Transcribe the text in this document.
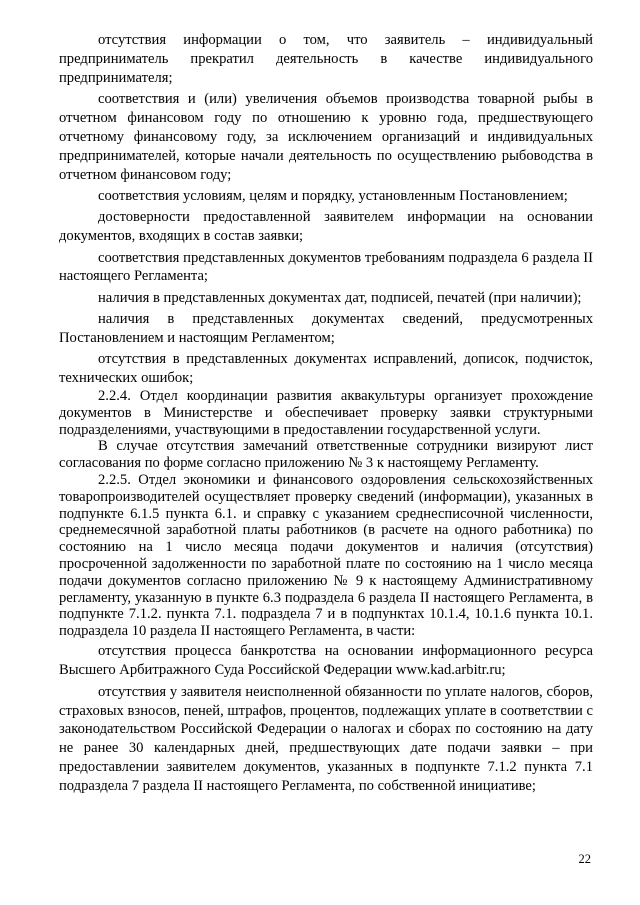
отсутствия информации о том, что заявитель – индивидуальный предприниматель прекратил деятельность в качестве индивидуального предпринимателя;

соответствия и (или) увеличения объемов производства товарной рыбы в отчетном финансовом году по отношению к уровню года, предшествующего отчетному финансовому году, за исключением организаций и индивидуальных предпринимателей, которые начали деятельность по осуществлению рыбоводства в отчетном финансовом году;

соответствия условиям, целям и порядку, установленным Постановлением;

достоверности предоставленной заявителем информации на основании документов, входящих в состав заявки;

соответствия представленных документов требованиям подраздела 6 раздела II настоящего Регламента;

наличия в представленных документах дат, подписей, печатей (при наличии);

наличия в представленных документах сведений, предусмотренных Постановлением и настоящим Регламентом;

отсутствия в представленных документах исправлений, дописок, подчисток, технических ошибок;

2.2.4. Отдел координации развития аквакультуры организует прохождение документов в Министерстве и обеспечивает проверку заявки структурными подразделениями, участвующими в предоставлении государственной услуги.

В случае отсутствия замечаний ответственные сотрудники визируют лист согласования по форме согласно приложению № 3 к настоящему Регламенту.

2.2.5. Отдел экономики и финансового оздоровления сельскохозяйственных товаропроизводителей осуществляет проверку сведений (информации), указанных в подпункте 6.1.5 пункта 6.1. и справку с указанием среднесписочной численности, среднемесячной заработной платы работников (в расчете на одного работника) по состоянию на 1 число месяца подачи документов и наличия (отсутствия) просроченной задолженности по заработной плате по состоянию на 1 число месяца подачи документов согласно приложению № 9 к настоящему Административному регламенту, указанную в пункте 6.3 подраздела 6 раздела II настоящего Регламента, в подпункте 7.1.2. пункта 7.1. подраздела 7 и в подпунктах 10.1.4, 10.1.6 пункта 10.1. подраздела 10 раздела II настоящего Регламента, в части:

отсутствия процесса банкротства на основании информационного ресурса Высшего Арбитражного Суда Российской Федерации www.kad.arbitr.ru;

отсутствия у заявителя неисполненной обязанности по уплате налогов, сборов, страховых взносов, пеней, штрафов, процентов, подлежащих уплате в соответствии с законодательством Российской Федерации о налогах и сборах по состоянию на дату не ранее 30 календарных дней, предшествующих дате подачи заявки – при предоставлении заявителем документов, указанных в подпункте 7.1.2 пункта 7.1 подраздела 7 раздела II настоящего Регламента, по собственной инициативе;

22
